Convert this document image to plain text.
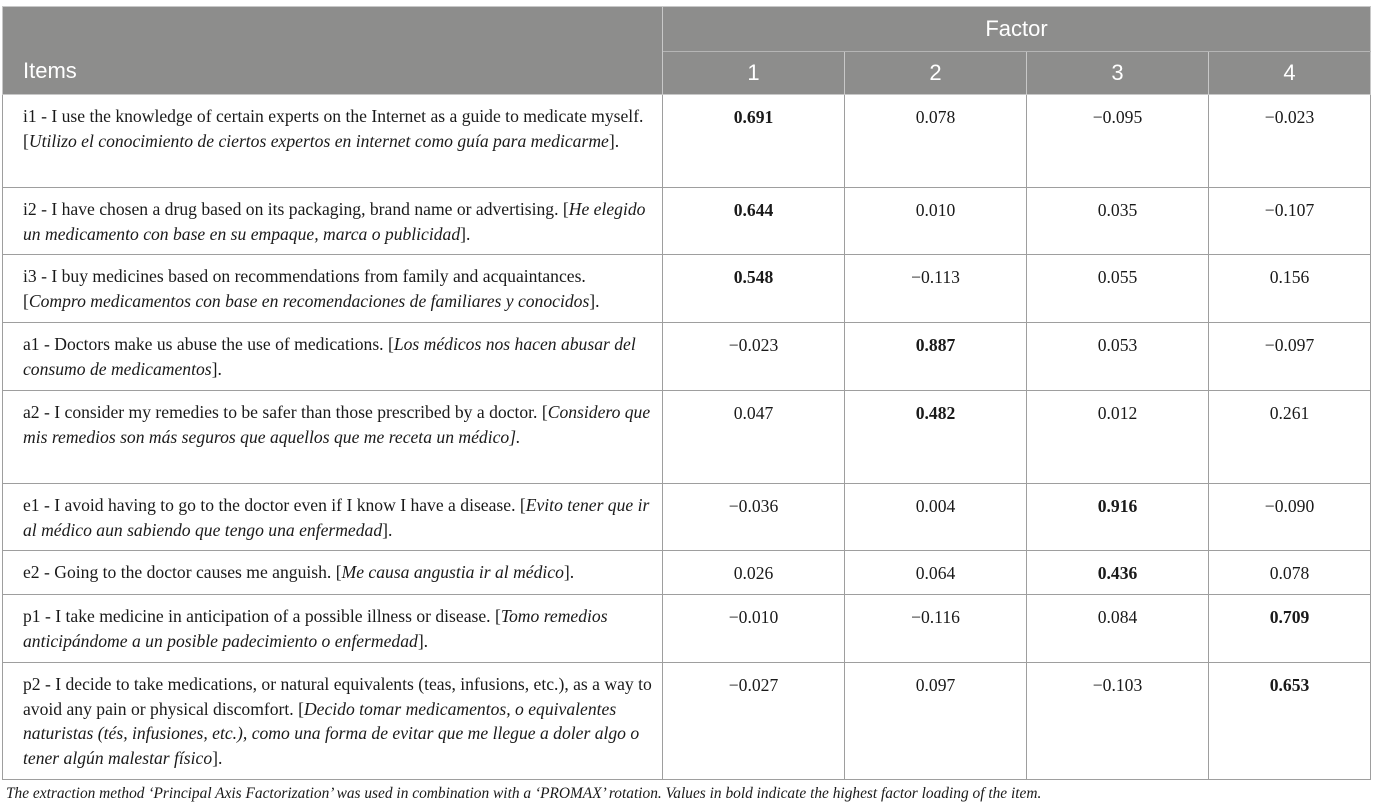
Items	Factor			
	1	2	3	4
i1 - I use the knowledge of certain experts on the Internet as a guide to medicate myself. [Utilizo el conocimiento de ciertos expertos en internet como guía para medicarme].	0.691	0.078	−0.095	−0.023
i2 - I have chosen a drug based on its packaging, brand name or advertising. [He elegido un medicamento con base en su empaque, marca o publicidad].	0.644	0.010	0.035	−0.107
i3 - I buy medicines based on recommendations from family and acquaintances. [Compro medicamentos con base en recomendaciones de familiares y conocidos].	0.548	−0.113	0.055	0.156
a1 - Doctors make us abuse the use of medications. [Los médicos nos hacen abusar del consumo de medicamentos].	−0.023	0.887	0.053	−0.097
a2 - I consider my remedies to be safer than those prescribed by a doctor. [Considero que mis remedios son más seguros que aquellos que me receta un médico].	0.047	0.482	0.012	0.261
e1 - I avoid having to go to the doctor even if I know I have a disease. [Evito tener que ir al médico aun sabiendo que tengo una enfermedad].	−0.036	0.004	0.916	−0.090
e2 - Going to the doctor causes me anguish. [Me causa angustia ir al médico].	0.026	0.064	0.436	0.078
p1 - I take medicine in anticipation of a possible illness or disease. [Tomo remedios anticipándome a un posible padecimiento o enfermedad].	−0.010	−0.116	0.084	0.709
p2 - I decide to take medications, or natural equivalents (teas, infusions, etc.), as a way to avoid any pain or physical discomfort. [Decido tomar medicamentos, o equivalentes naturistas (tés, infusiones, etc.), como una forma de evitar que me llegue a doler algo o tener algún malestar físico].	−0.027	0.097	−0.103	0.653
The extraction method ‘Principal Axis Factorization’ was used in combination with a ‘PROMAX’ rotation. Values in bold indicate the highest factor loading of the item.
